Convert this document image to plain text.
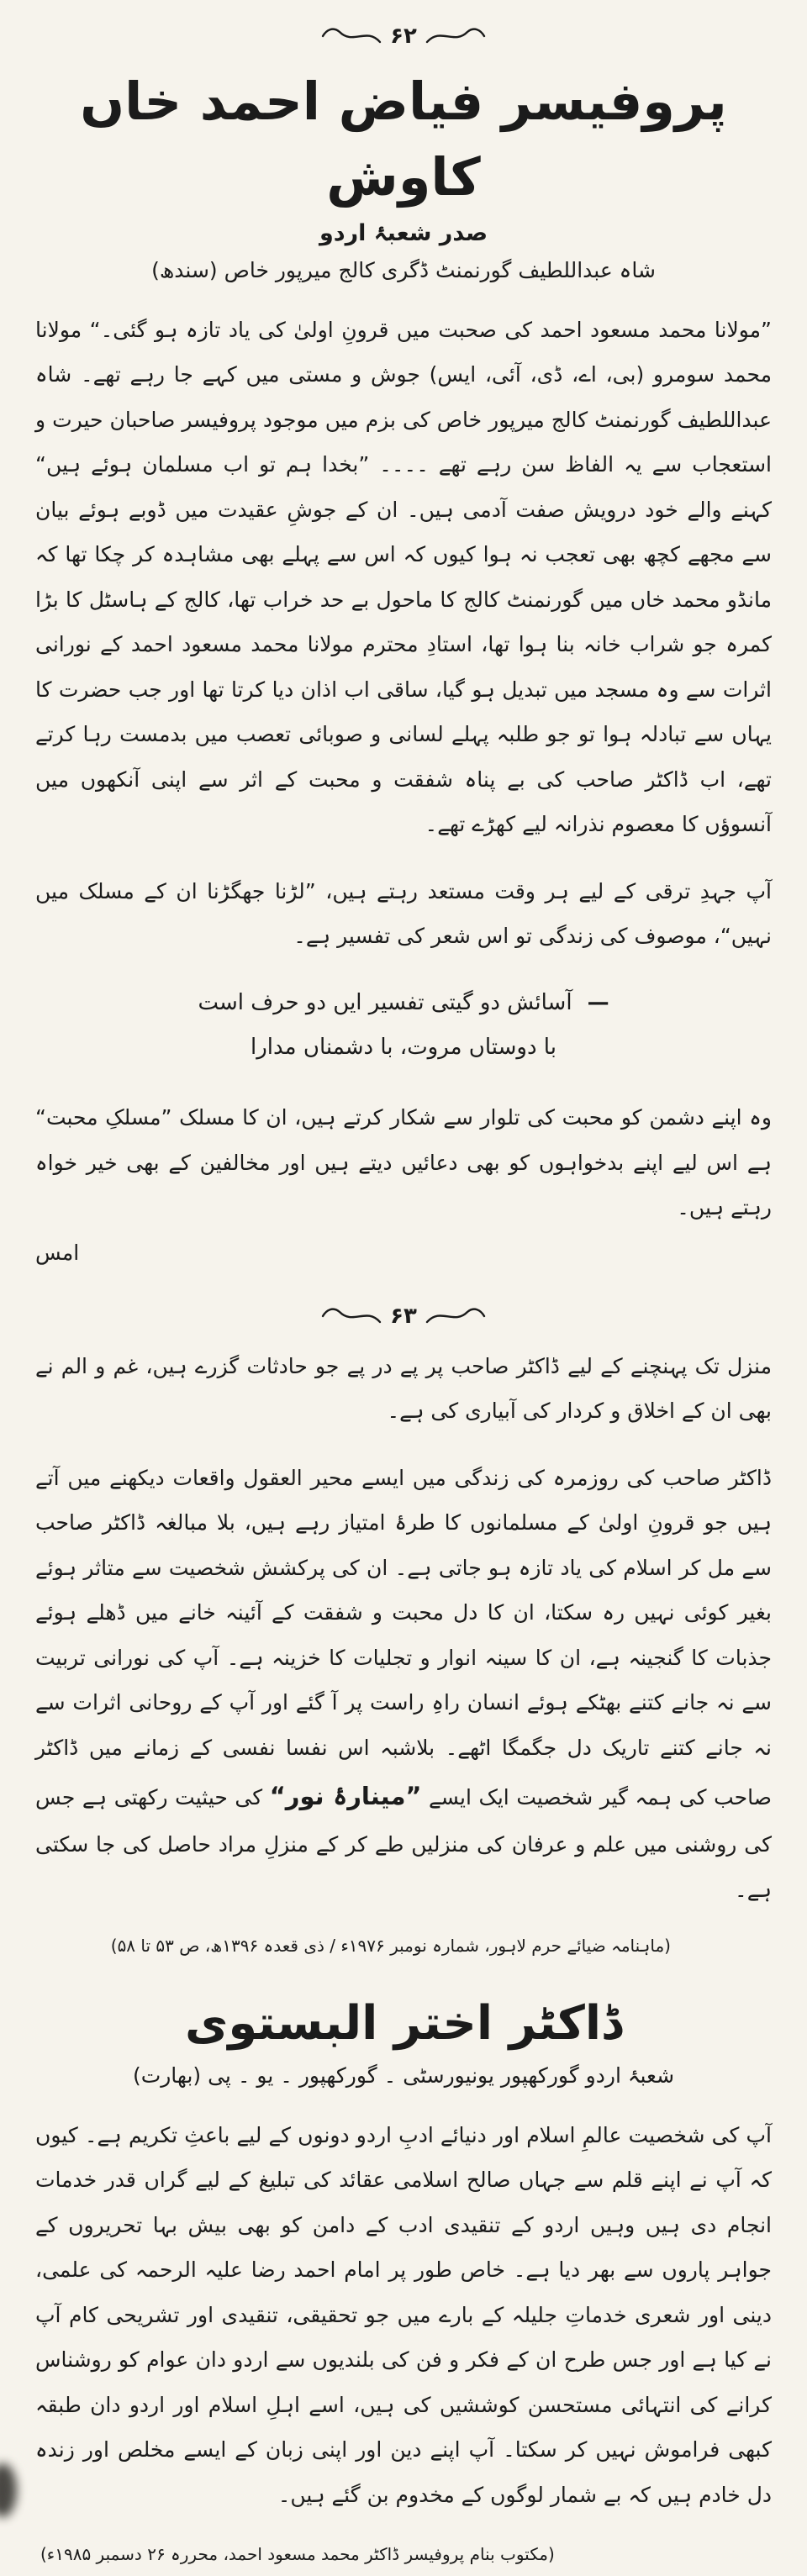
۶۲
پروفیسر فیاض احمد خاں کاوش
صدر شعبۂ اردو
شاہ عبداللطیف گورنمنٹ ڈگری کالج میرپور خاص (سندھ)

”مولانا محمد مسعود احمد کی صحبت میں قرونِ اولیٰ کی یاد تازہ ہو گئی۔“ مولانا محمد سومرو (بی، اے، ڈی، آئی، ایس) جوش و مستی میں کہے جا رہے تھے۔ شاہ عبداللطیف گورنمنٹ کالج میرپور خاص کی بزم میں موجود پروفیسر صاحبان حیرت و استعجاب سے یہ الفاظ سن رہے تھے ۔۔۔۔ ”بخدا ہم تو اب مسلمان ہوئے ہیں“ کہنے والے خود درویش صفت آدمی ہیں۔ ان کے جوشِ عقیدت میں ڈوبے ہوئے بیان سے مجھے کچھ بھی تعجب نہ ہوا کیوں کہ اس سے پہلے بھی مشاہدہ کر چکا تھا کہ مانڈو محمد خاں میں گورنمنٹ کالج کا ماحول بے حد خراب تھا، کالج کے ہاسٹل کا بڑا کمرہ جو شراب خانہ بنا ہوا تھا، استادِ محترم مولانا محمد مسعود احمد کے نورانی اثرات سے وہ مسجد میں تبدیل ہو گیا، ساقی اب اذان دیا کرتا تھا اور جب حضرت کا یہاں سے تبادلہ ہوا تو جو طلبہ پہلے لسانی و صوبائی تعصب میں بدمست رہا کرتے تھے، اب ڈاکٹر صاحب کی بے پناہ شفقت و محبت کے اثر سے اپنی آنکھوں میں آنسوؤں کا معصوم نذرانہ لیے کھڑے تھے۔

آپ جہدِ ترقی کے لیے ہر وقت مستعد رہتے ہیں، ”لڑنا جھگڑنا ان کے مسلک میں نہیں“، موصوف کی زندگی تو اس شعر کی تفسیر ہے۔

—آسائش دو گیتی تفسیر ایں دو حرف است
با دوستاں مروت، با دشمناں مدارا

وہ اپنے دشمن کو محبت کی تلوار سے شکار کرتے ہیں، ان کا مسلک ”مسلکِ محبت“ ہے اس لیے اپنے بدخواہوں کو بھی دعائیں دیتے ہیں اور مخالفین کے بھی خیر خواہ رہتے ہیں۔

امس
۶۳

منزل تک پہنچنے کے لیے ڈاکٹر صاحب پر پے در پے جو حادثات گزرے ہیں، غم و الم نے بھی ان کے اخلاق و کردار کی آبیاری کی ہے۔

ڈاکٹر صاحب کی روزمرہ کی زندگی میں ایسے محیر العقول واقعات دیکھنے میں آتے ہیں جو قرونِ اولیٰ کے مسلمانوں کا طرۂ امتیاز رہے ہیں، بلا مبالغہ ڈاکٹر صاحب سے مل کر اسلام کی یاد تازہ ہو جاتی ہے۔ ان کی پرکشش شخصیت سے متاثر ہوئے بغیر کوئی نہیں رہ سکتا، ان کا دل محبت و شفقت کے آئینہ خانے میں ڈھلے ہوئے جذبات کا گنجینہ ہے، ان کا سینہ انوار و تجلیات کا خزینہ ہے۔ آپ کی نورانی تربیت سے نہ جانے کتنے بھٹکے ہوئے انسان راہِ راست پر آ گئے اور آپ کے روحانی اثرات سے نہ جانے کتنے تاریک دل جگمگا اٹھے۔ بلاشبہ اس نفسا نفسی کے زمانے میں ڈاکٹر صاحب کی ہمہ گیر شخصیت ایک ایسے ”مینارۂ نور“ کی حیثیت رکھتی ہے جس کی روشنی میں علم و عرفان کی منزلیں طے کر کے منزلِ مراد حاصل کی جا سکتی ہے۔

(ماہنامہ ضیائے حرم لاہور، شمارہ نومبر ۱۹۷۶ء / ذی قعدہ ۱۳۹۶ھ، ص ۵۳ تا ۵۸)
ڈاکٹر اختر البستوی
شعبۂ اردو گورکھپور یونیورسٹی ۔ گورکھپور ۔ یو ۔ پی (بھارت)

آپ کی شخصیت عالمِ اسلام اور دنیائے ادبِ اردو دونوں کے لیے باعثِ تکریم ہے۔ کیوں کہ آپ نے اپنے قلم سے جہاں صالح اسلامی عقائد کی تبلیغ کے لیے گراں قدر خدمات انجام دی ہیں وہیں اردو کے تنقیدی ادب کے دامن کو بھی بیش بہا تحریروں کے جواہر پاروں سے بھر دیا ہے۔ خاص طور پر امام احمد رضا علیہ الرحمہ کی علمی، دینی اور شعری خدماتِ جلیلہ کے بارے میں جو تحقیقی، تنقیدی اور تشریحی کام آپ نے کیا ہے اور جس طرح ان کے فکر و فن کی بلندیوں سے اردو دان عوام کو روشناس کرانے کی انتہائی مستحسن کوششیں کی ہیں، اسے اہلِ اسلام اور اردو دان طبقہ کبھی فراموش نہیں کر سکتا۔ آپ اپنے دین اور اپنی زبان کے ایسے مخلص اور زندہ دل خادم ہیں کہ بے شمار لوگوں کے مخدوم بن گئے ہیں۔

(مکتوب بنام پروفیسر ڈاکٹر محمد مسعود احمد، محررہ ۲۶ دسمبر ۱۹۸۵ء)
